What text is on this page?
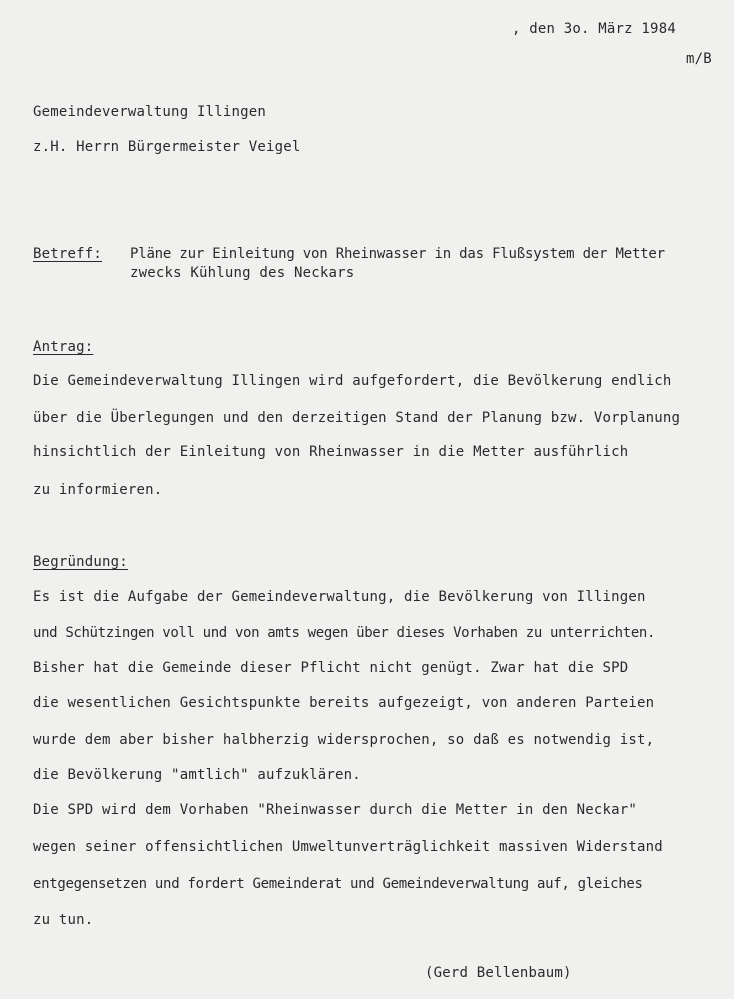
, den 3o. März 1984
m/B
Gemeindeverwaltung Illingen
z.H. Herrn Bürgermeister Veigel
Betreff: Pläne zur Einleitung von Rheinwasser in das Flußsystem der Metter
zwecks Kühlung des Neckars
Antrag:
Die Gemeindeverwaltung Illingen wird aufgefordert, die Bevölkerung endlich
über die Überlegungen und den derzeitigen Stand der Planung bzw. Vorplanung
hinsichtlich der Einleitung von Rheinwasser in die Metter ausführlich
zu informieren.
Begründung:
Es ist die Aufgabe der Gemeindeverwaltung, die Bevölkerung von Illingen
und Schützingen voll und von amts wegen über dieses Vorhaben zu unterrichten.
Bisher hat die Gemeinde dieser Pflicht nicht genügt. Zwar hat die SPD
die wesentlichen Gesichtspunkte bereits aufgezeigt, von anderen Parteien
wurde dem aber bisher halbherzig widersprochen, so daß es notwendig ist,
die Bevölkerung "amtlich" aufzuklären.
Die SPD wird dem Vorhaben "Rheinwasser durch die Metter in den Neckar"
wegen seiner offensichtlichen Umweltunverträglichkeit massiven Widerstand
entgegensetzen und fordert Gemeinderat und Gemeindeverwaltung auf, gleiches
zu tun.
(Gerd Bellenbaum)
